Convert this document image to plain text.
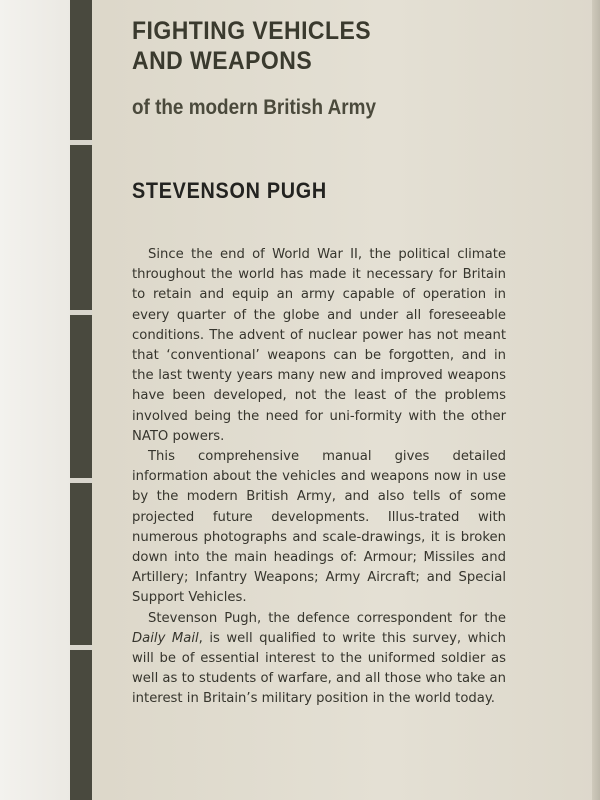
FIGHTING VEHICLES
AND WEAPONS
of the modern British Army
STEVENSON PUGH

Since the end of World War II, the political climate throughout the world has made it necessary for Britain to retain and equip an army capable of operation in every quarter of the globe and under all foreseeable conditions. The advent of nuclear power has not meant that ‘conventional’ weapons can be forgotten, and in the last twenty years many new and improved weapons have been developed, not the least of the problems involved being the need for uni-formity with the other NATO powers.

This comprehensive manual gives detailed information about the vehicles and weapons now in use by the modern British Army, and also tells of some projected future developments. Illus-trated with numerous photographs and scale-drawings, it is broken down into the main headings of: Armour; Missiles and Artillery; Infantry Weapons; Army Aircraft; and Special Support Vehicles.

Stevenson Pugh, the defence correspondent for the Daily Mail, is well qualified to write this survey, which will be of essential interest to the uniformed soldier as well as to students of warfare, and all those who take an interest in Britain’s military position in the world today.
